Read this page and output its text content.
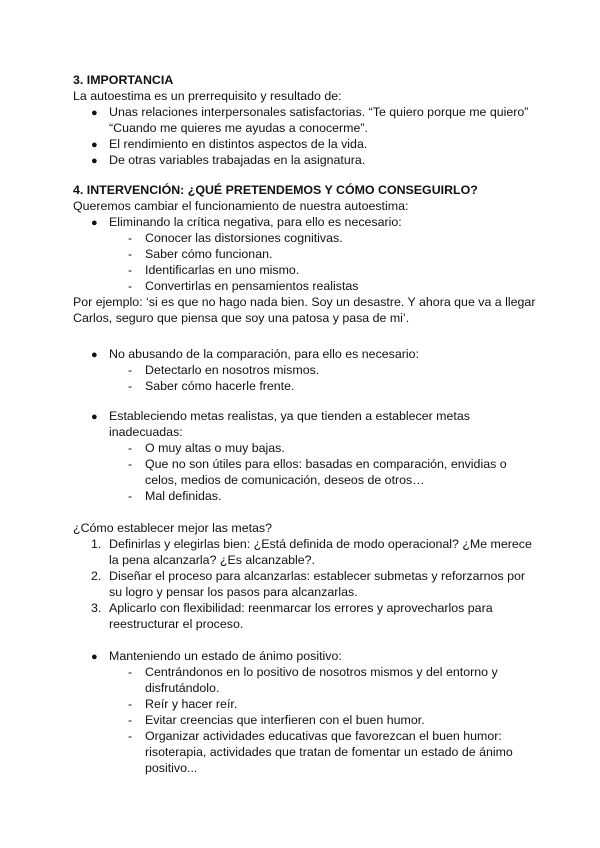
3. IMPORTANCIA
La autoestima es un prerrequisito y resultado de:
● Unas relaciones interpersonales satisfactorias. “Te quiero porque me quiero”
“Cuando me quieres me ayudas a conocerme”.
● El rendimiento en distintos aspectos de la vida.
● De otras variables trabajadas en la asignatura.
4. INTERVENCIÓN: ¿QUÉ PRETENDEMOS Y CÓMO CONSEGUIRLO?
Queremos cambiar el funcionamiento de nuestra autoestima:
● Eliminando la crítica negativa, para ello es necesario:
- Conocer las distorsiones cognitivas.
- Saber cómo funcionan.
- Identificarlas en uno mismo.
- Convertirlas en pensamientos realistas
Por ejemplo: ‘si es que no hago nada bien. Soy un desastre. Y ahora que va a llegar
Carlos, seguro que piensa que soy una patosa y pasa de mi’.
● No abusando de la comparación, para ello es necesario:
- Detectarlo en nosotros mismos.
- Saber cómo hacerle frente.
● Estableciendo metas realistas, ya que tienden a establecer metas
inadecuadas:
- O muy altas o muy bajas.
- Que no son útiles para ellos: basadas en comparación, envidias o
celos, medios de comunicación, deseos de otros…
- Mal definidas.
¿Cómo establecer mejor las metas?
1. Definirlas y elegirlas bien: ¿Está definida de modo operacional? ¿Me merece
la pena alcanzarla? ¿Es alcanzable?.
2. Diseñar el proceso para alcanzarlas: establecer submetas y reforzarnos por
su logro y pensar los pasos para alcanzarlas.
3. Aplicarlo con flexibilidad: reenmarcar los errores y aprovecharlos para
reestructurar el proceso.
● Manteniendo un estado de ánimo positivo:
- Centrándonos en lo positivo de nosotros mismos y del entorno y
disfrutándolo.
- Reír y hacer reír.
- Evitar creencias que interfieren con el buen humor.
- Organizar actividades educativas que favorezcan el buen humor:
risoterapia, actividades que tratan de fomentar un estado de ánimo
positivo...
